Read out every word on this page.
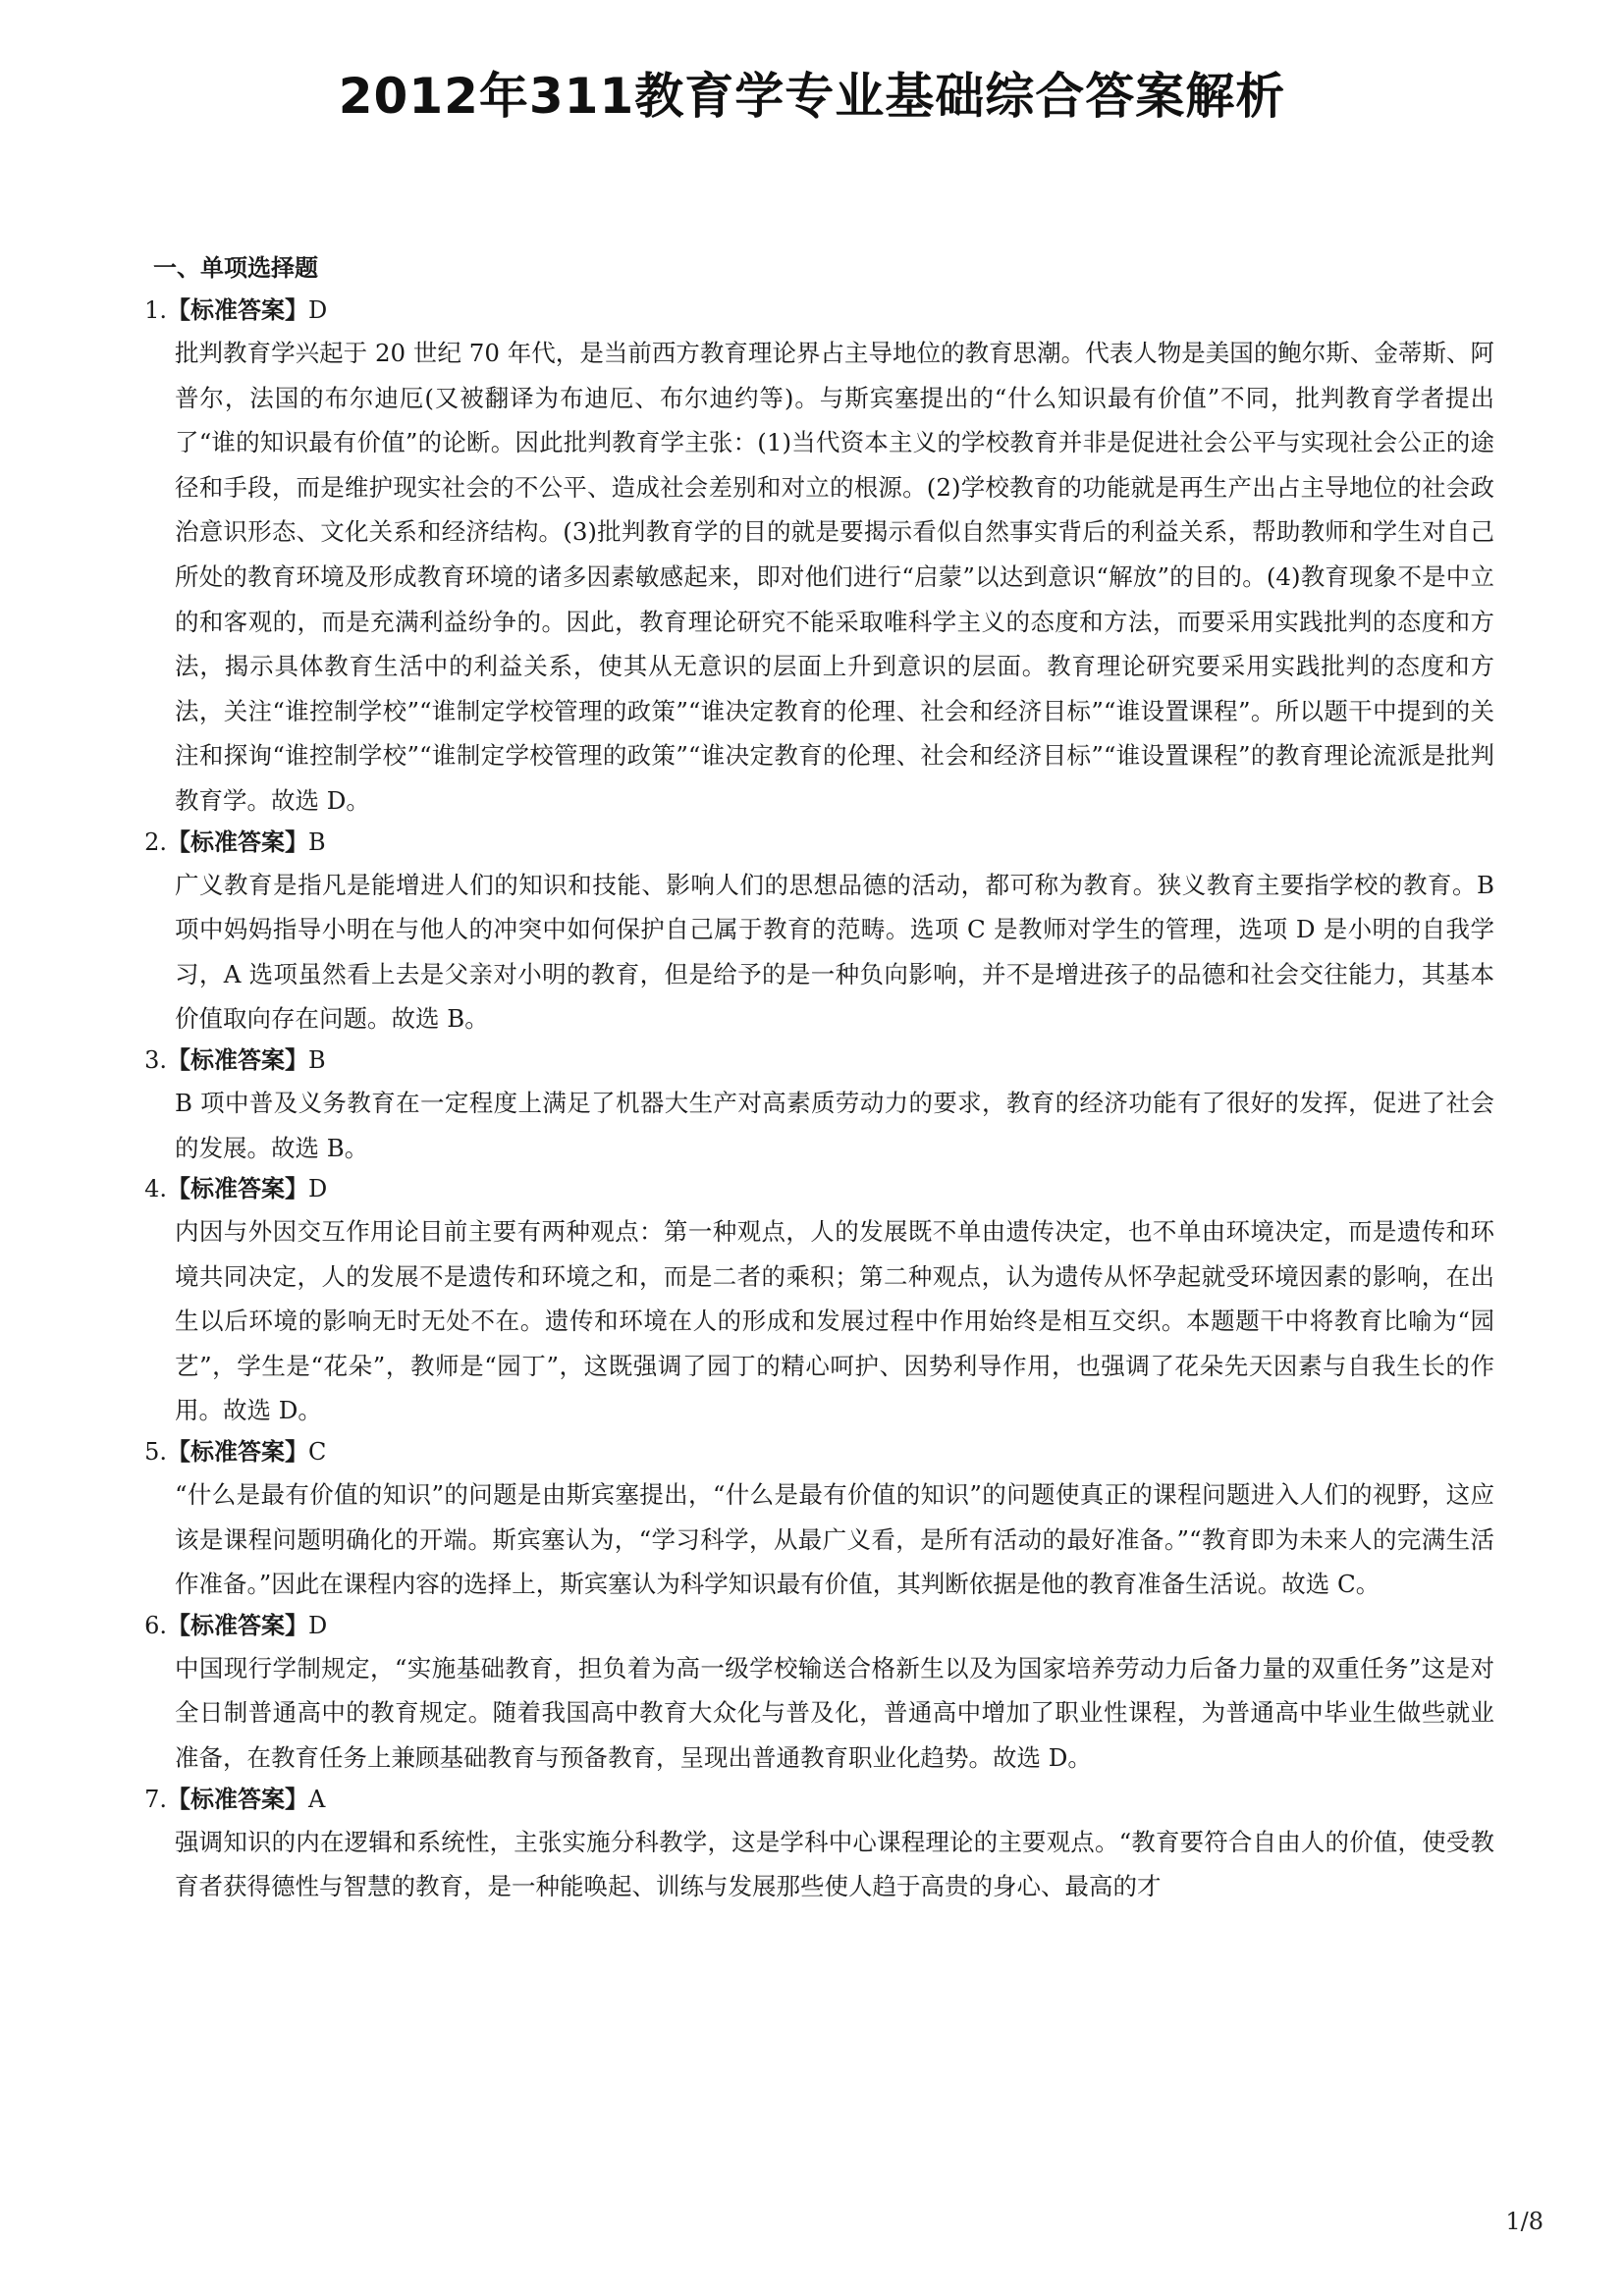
2012年311教育学专业基础综合答案解析
一、单项选择题
1.【标准答案】D
批判教育学兴起于 20 世纪 70 年代，是当前西方教育理论界占主导地位的教育思潮。代表人物是美国的鲍尔斯、金蒂斯、阿普尔，法国的布尔迪厄(又被翻译为布迪厄、布尔迪约等)。与斯宾塞提出的“什么知识最有价值”不同，批判教育学者提出了“谁的知识最有价值”的论断。因此批判教育学主张：(1)当代资本主义的学校教育并非是促进社会公平与实现社会公正的途径和手段，而是维护现实社会的不公平、造成社会差别和对立的根源。(2)学校教育的功能就是再生产出占主导地位的社会政治意识形态、文化关系和经济结构。(3)批判教育学的目的就是要揭示看似自然事实背后的利益关系，帮助教师和学生对自己所处的教育环境及形成教育环境的诸多因素敏感起来，即对他们进行“启蒙”以达到意识“解放”的目的。(4)教育现象不是中立的和客观的，而是充满利益纷争的。因此，教育理论研究不能采取唯科学主义的态度和方法，而要采用实践批判的态度和方法，揭示具体教育生活中的利益关系，使其从无意识的层面上升到意识的层面。教育理论研究要采用实践批判的态度和方法，关注“谁控制学校”“谁制定学校管理的政策”“谁决定教育的伦理、社会和经济目标”“谁设置课程”。所以题干中提到的关注和探询“谁控制学校”“谁制定学校管理的政策”“谁决定教育的伦理、社会和经济目标”“谁设置课程”的教育理论流派是批判教育学。故选 D。
2.【标准答案】B
广义教育是指凡是能增进人们的知识和技能、影响人们的思想品德的活动，都可称为教育。狭义教育主要指学校的教育。B 项中妈妈指导小明在与他人的冲突中如何保护自己属于教育的范畴。选项 C 是教师对学生的管理，选项 D 是小明的自我学习，A 选项虽然看上去是父亲对小明的教育，但是给予的是一种负向影响，并不是增进孩子的品德和社会交往能力，其基本价值取向存在问题。故选 B。
3.【标准答案】B
B 项中普及义务教育在一定程度上满足了机器大生产对高素质劳动力的要求，教育的经济功能有了很好的发挥，促进了社会的发展。故选 B。
4.【标准答案】D
内因与外因交互作用论目前主要有两种观点：第一种观点，人的发展既不单由遗传决定，也不单由环境决定，而是遗传和环境共同决定，人的发展不是遗传和环境之和，而是二者的乘积；第二种观点，认为遗传从怀孕起就受环境因素的影响，在出生以后环境的影响无时无处不在。遗传和环境在人的形成和发展过程中作用始终是相互交织。本题题干中将教育比喻为“园艺”，学生是“花朵”，教师是“园丁”，这既强调了园丁的精心呵护、因势利导作用，也强调了花朵先天因素与自我生长的作用。故选 D。
5.【标准答案】C
“什么是最有价值的知识”的问题是由斯宾塞提出，“什么是最有价值的知识”的问题使真正的课程问题进入人们的视野，这应该是课程问题明确化的开端。斯宾塞认为，“学习科学，从最广义看，是所有活动的最好准备。”“教育即为未来人的完满生活作准备。”因此在课程内容的选择上，斯宾塞认为科学知识最有价值，其判断依据是他的教育准备生活说。故选 C。
6.【标准答案】D
中国现行学制规定，“实施基础教育，担负着为高一级学校输送合格新生以及为国家培养劳动力后备力量的双重任务”这是对全日制普通高中的教育规定。随着我国高中教育大众化与普及化，普通高中增加了职业性课程，为普通高中毕业生做些就业准备，在教育任务上兼顾基础教育与预备教育，呈现出普通教育职业化趋势。故选 D。
7.【标准答案】A
强调知识的内在逻辑和系统性，主张实施分科教学，这是学科中心课程理论的主要观点。“教育要符合自由人的价值，使受教育者获得德性与智慧的教育，是一种能唤起、训练与发展那些使人趋于高贵的身心、最高的才
1/8
